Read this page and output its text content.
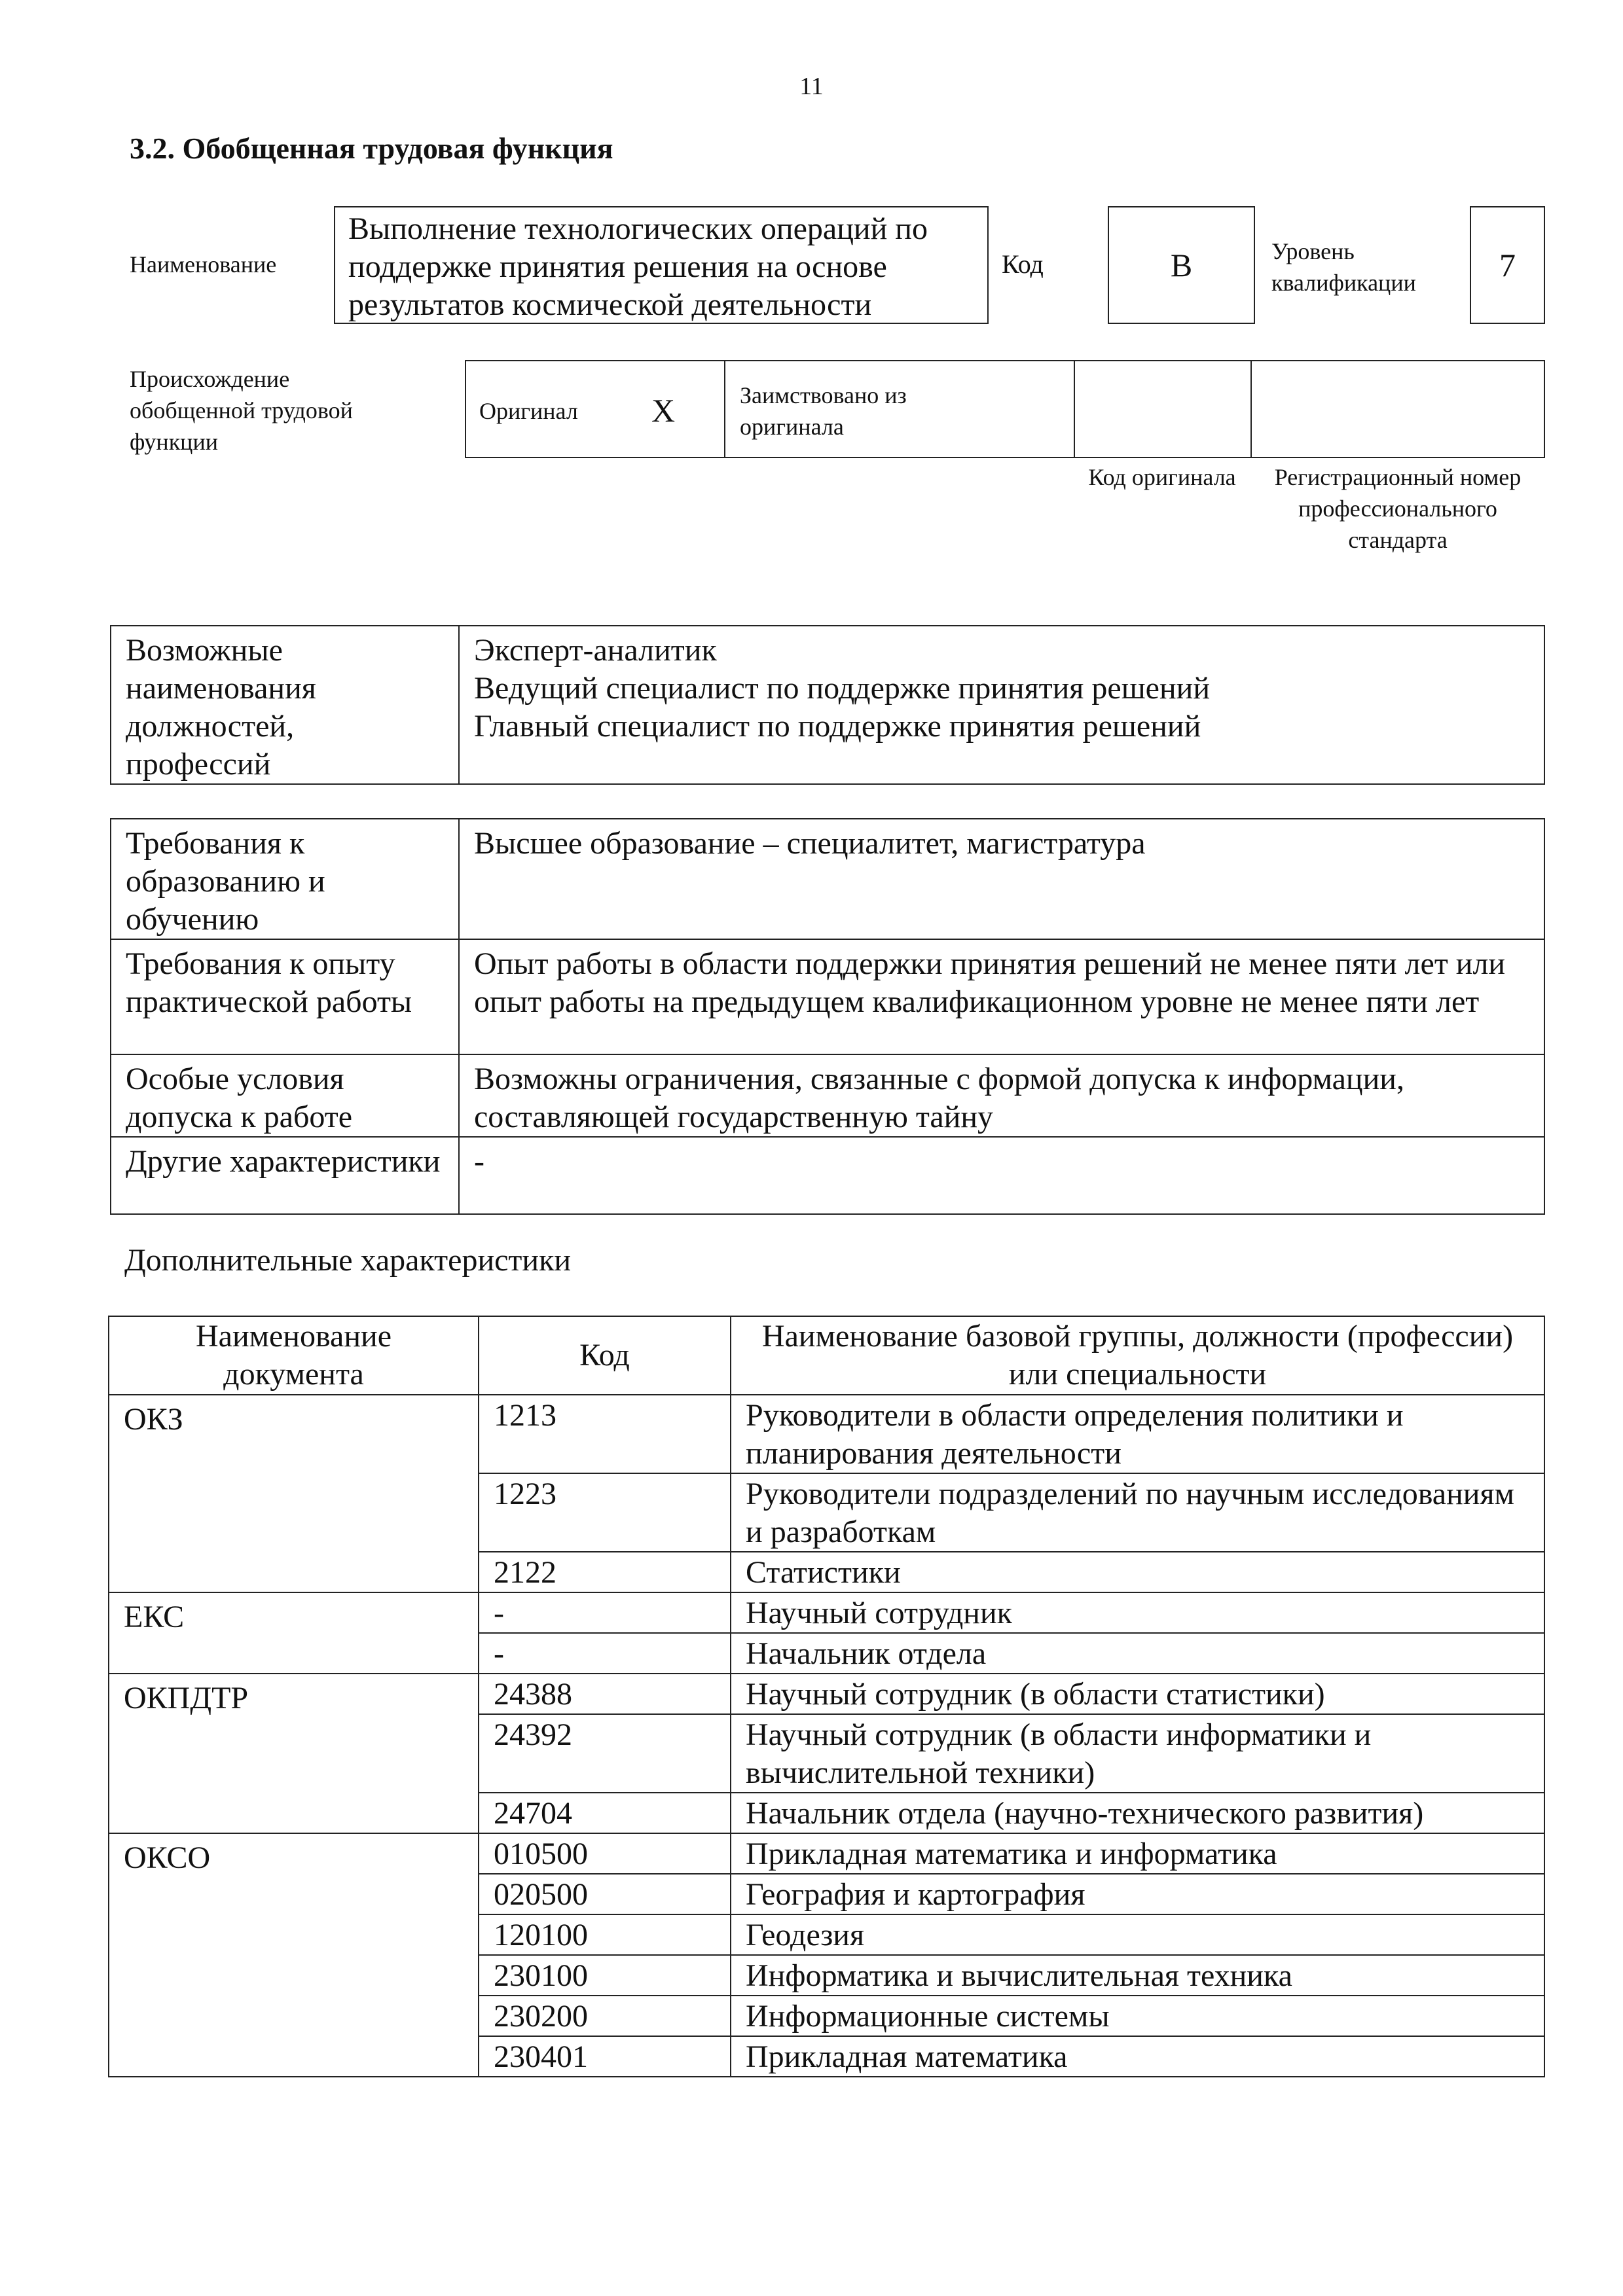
11
3.2. Обобщенная трудовая функция
Наименование
Выполнение технологических операций по поддержке принятия решения на основе результатов космической деятельности
Код	B	Уровень квалификации	7
Происхождение обобщенной трудовой функции
Оригинал X	Заимствовано из оригинала
Код оригинала	Регистрационный номер профессионального стандарта
Возможные наименования должностей, профессий	
Эксперт-аналитик
Ведущий специалист по поддержке принятия решений
Главный специалист по поддержке принятия решений
Требования к образованию и обучению	Высшее образование – специалитет, магистратура
Требования к опыту практической работы	Опыт работы в области поддержки принятия решений не менее пяти лет или опыт работы на предыдущем квалификационном уровне не менее пяти лет
Особые условия допуска к работе	Возможны ограничения, связанные с формой допуска к информации, составляющей государственную тайну
Другие характеристики	-
Дополнительные характеристики
Наименование документа	Код	Наименование базовой группы, должности (профессии) или специальности
ОКЗ	1213	Руководители в области определения политики и планирования деятельности
	1223	Руководители подразделений по научным исследованиям и разработкам
	2122	Статистики
ЕКС	-	Научный сотрудник
	-	Начальник отдела
ОКПДТР	24388	Научный сотрудник (в области статистики)
	24392	Научный сотрудник (в области информатики и вычислительной техники)
	24704	Начальник отдела (научно-технического развития)
ОКСО	010500	Прикладная математика и информатика
	020500	География и картография
	120100	Геодезия
	230100	Информатика и вычислительная техника
	230200	Информационные системы
	230401	Прикладная математика
